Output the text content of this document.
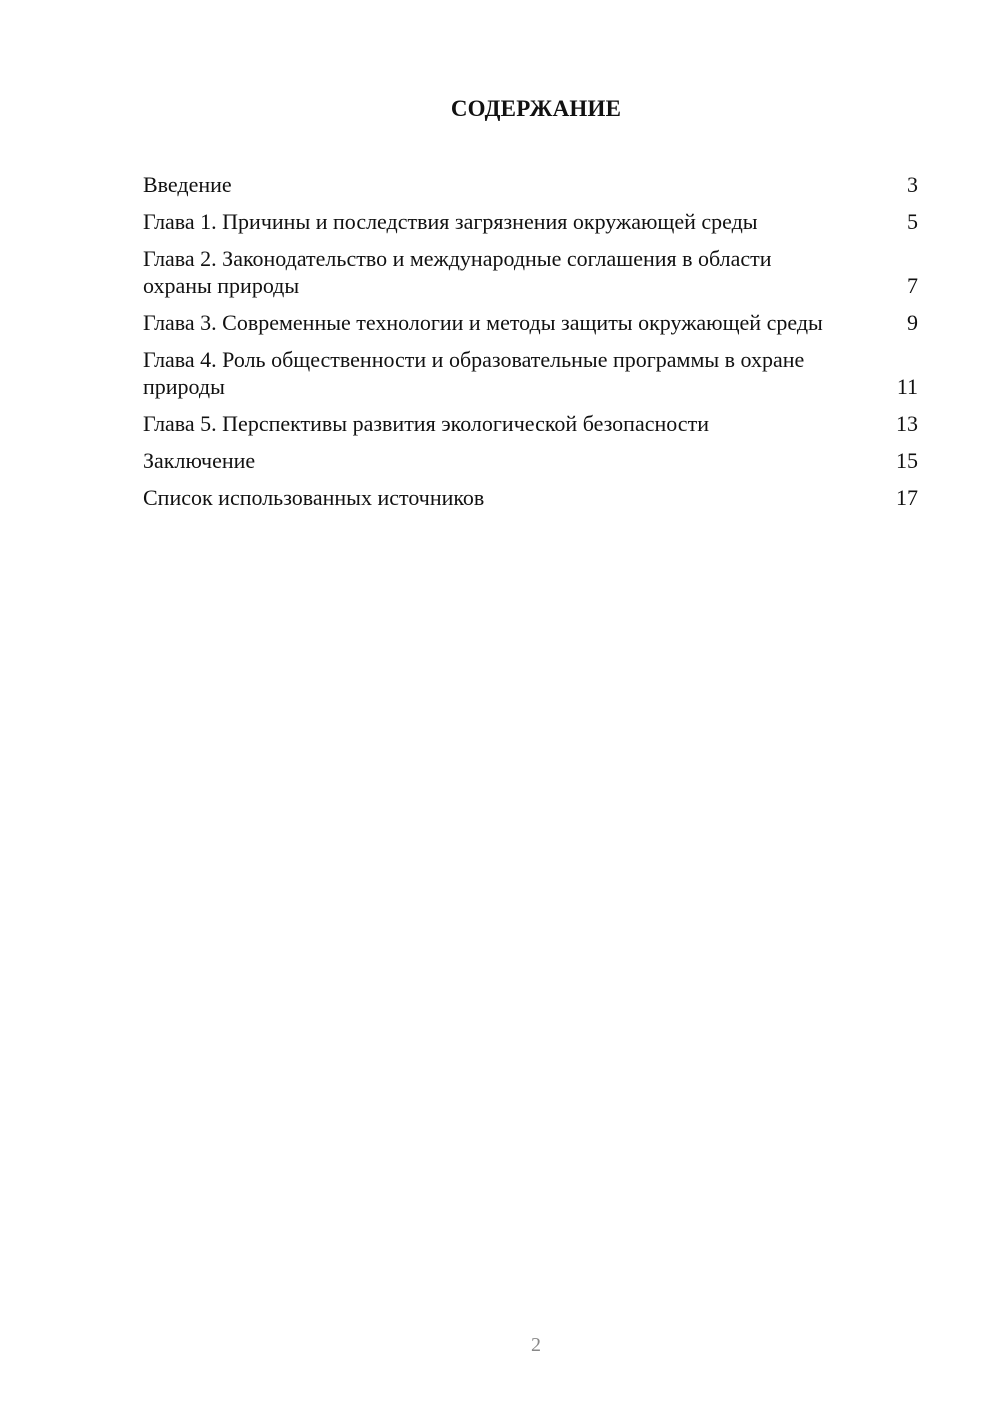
СОДЕРЖАНИЕ
Введение	3
Глава 1. Причины и последствия загрязнения окружающей среды	5
Глава 2. Законодательство и международные соглашения в области охраны природы	7
Глава 3. Современные технологии и методы защиты окружающей среды	9
Глава 4. Роль общественности и образовательные программы в охране природы	11
Глава 5. Перспективы развития экологической безопасности	13
Заключение	15
Список использованных источников	17
2
